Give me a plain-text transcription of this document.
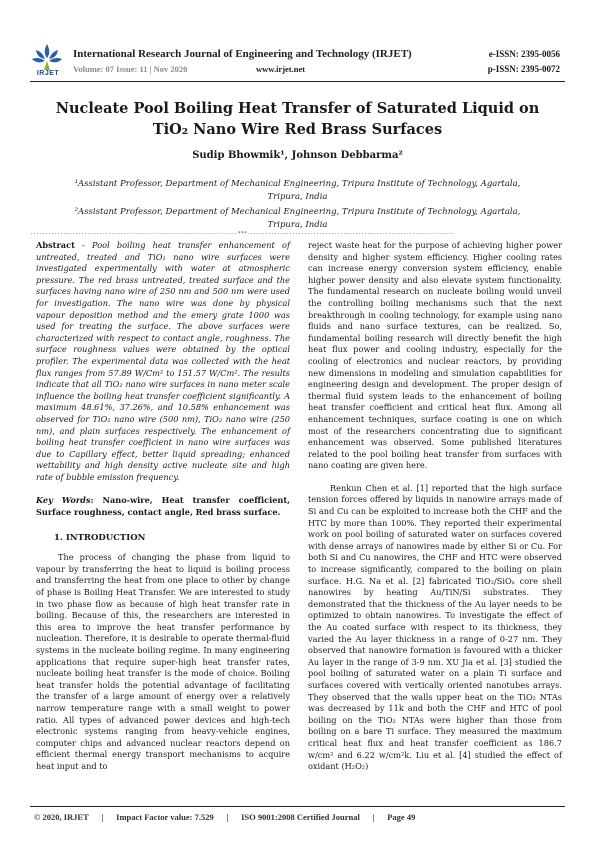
IRJET
International Research Journal of Engineering and Technology (IRJET)
Volume: 07 Issue: 11 | Nov 2020	www.irjet.net
e-ISSN: 2395-0056
p-ISSN: 2395-0072
Nucleate Pool Boiling Heat Transfer of Saturated Liquid on TiO₂ Nano Wire Red Brass Surfaces
Sudip Bhowmik¹, Johnson Debbarma²
¹Assistant Professor, Department of Mechanical Engineering, Tripura Institute of Technology, Agartala, Tripura, India
²Assistant Professor, Department of Mechanical Engineering, Tripura Institute of Technology, Agartala, Tripura, India
---------------------------------------------------------------------***---------------------------------------------------------------------

Abstract - Pool boiling heat transfer enhancement of untreated, treated and TiO₂ nano wire surfaces were investigated experimentally with water at atmospheric pressure. The red brass untreated, treated surface and the surfaces having nano wire of 250 nm and 500 nm were used for investigation. The nano wire was done by physical vapour deposition method and the emery grate 1000 was used for treating the surface. The above surfaces were characterized with respect to contact angle, roughness. The surface roughness values were obtained by the optical profiler. The experimental data was collected with the heat flux ranges from 57.89 W/Cm² to 151.57 W/Cm². The results indicate that all TiO₂ nano wire surfaces in nano meter scale influence the boiling heat transfer coefficient significantly. A maximum 48.61%, 37.26%, and 10.58% enhancement was observed for TiO₂ nano wire (500 nm), TiO₂ nano wire (250 nm), and plain surfaces respectively. The enhancement of boiling heat transfer coefficient in nano wire surfaces was due to Capillary effect, better liquid spreading; enhanced wettability and high density active nucleate site and high rate of bubble emission frequency.

Key Words: Nano-wire, Heat transfer coefficient, Surface roughness, contact angle, Red brass surface.

1. INTRODUCTION

The process of changing the phase from liquid to vapour by transferring the heat to liquid is boiling process and transferring the heat from one place to other by change of phase is Boiling Heat Transfer. We are interested to study in two phase flow as because of high heat transfer rate in boiling. Because of this, the researchers are interested in this area to improve the heat transfer performance by nucleation. Therefore, it is desirable to operate thermal-fluid systems in the nucleate boiling regime. In many engineering applications that require super-high heat transfer rates, nucleate boiling heat transfer is the mode of choice. Boiling heat transfer holds the potential advantage of facilitating the transfer of a large amount of energy over a relatively narrow temperature range with a small weight to power ratio. All types of advanced power devices and high-tech electronic systems ranging from heavy-vehicle engines, computer chips and advanced nuclear reactors depend on efficient thermal energy transport mechanisms to acquire heat input and to

reject waste heat for the purpose of achieving higher power density and higher system efficiency. Higher cooling rates can increase energy conversion system efficiency, enable higher power density and also elevate system functionality. The fundamental research on nucleate boiling would unveil the controlling boiling mechanisms such that the next breakthrough in cooling technology, for example using nano fluids and nano surface textures, can be realized. So, fundamental boiling research will directly benefit the high heat flux power and cooling industry, especially for the cooling of electronics and nuclear reactors, by providing new dimensions in modeling and simulation capabilities for engineering design and development. The proper design of thermal fluid system leads to the enhancement of boiling heat transfer coefficient and critical heat flux. Among all enhancement techniques, surface coating is one on which most of the researchers concentrating due to significant enhancement was observed. Some published literatures related to the pool boiling heat transfer from surfaces with nano coating are given here.

Renkun Chen et al. [1] reported that the high surface tension forces offered by liquids in nanowire arrays made of Si and Cu can be exploited to increase both the CHF and the HTC by more than 100%. They reported their experimental work on pool boiling of saturated water on surfaces covered with dense arrays of nanowires made by either Si or Cu. For both Si and Cu nanowires, the CHF and HTC were observed to increase significantly, compared to the boiling on plain surface. H.G. Na et al. [2] fabricated TiO₂/SiOₓ core shell nanowires by heating Au/TiN/Si substrates. They demonstrated that the thickness of the Au layer needs to be optimized to obtain nanowires. To investigate the effect of the Au coated surface with respect to its thickness, they varied the Au layer thickness in a range of 0-27 nm. They observed that nanowire formation is favoured with a thicker Au layer in the range of 3-9 nm. XU Jia et al. [3] studied the pool boiling of saturated water on a plain Ti surface and surfaces covered with vertically oriented nanotubes arrays. They observed that the walls upper heat on the TiO₂ NTAs was decreased by 11k and both the CHF and HTC of pool boiling on the TiO₂ NTAs were higher than those from boiling on a bare Ti surface. They measured the maximum critical heat flux and heat transfer coefficient as 186.7 w/cm² and 6.22 w/cm²k. Liu et al. [4] studied the effect of oxidant (H₂O₂)

© 2020, IRJET | Impact Factor value: 7.529 | ISO 9001:2008 Certified Journal | Page 49
